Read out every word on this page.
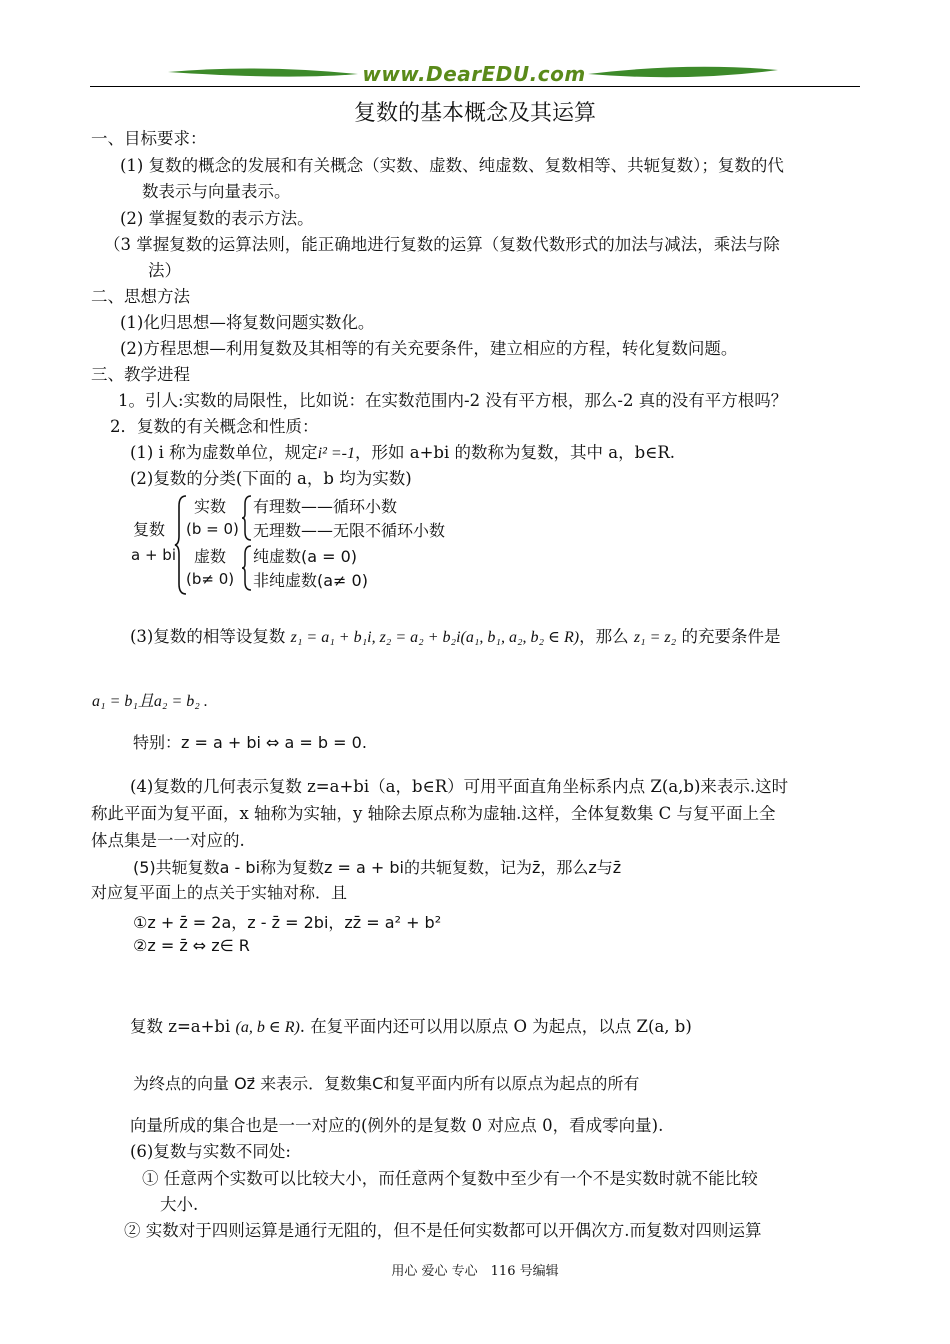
www.DearEDU.com
复数的基本概念及其运算
一、目标要求：
(1) 复数的概念的发展和有关概念（实数、虚数、纯虚数、复数相等、共轭复数）；复数的代
数表示与向量表示。
(2) 掌握复数的表示方法。
（3 掌握复数的运算法则，能正确地进行复数的运算（复数代数形式的加法与减法，乘法与除
法）
二、思想方法
(1)化归思想—将复数问题实数化。
(2)方程思想—利用复数及其相等的有关充要条件，建立相应的方程，转化复数问题。
三、教学进程
1。引人:实数的局限性，比如说：在实数范围内-2 没有平方根，那么-2 真的没有平方根吗？
2．复数的有关概念和性质：
(1) i 称为虚数单位，规定i² =-1，形如 a+bi 的数称为复数，其中 a，b∈R.
(2)复数的分类(下面的 a，b 均为实数)
复数
a + bi
实数
(b = 0)
虚数
(b≠ 0)
有理数——循环小数
无理数——无限不循环小数
纯虚数(a = 0)
非纯虚数(a≠ 0)
(3)复数的相等设复数 z₁ = a₁ + b₁i, z₂ = a₂ + b₂i(a₁, b₁, a₂, b₂ ∈ R)，那么 z₁ = z₂ 的充要条件是
a₁ = b₁且a₂ = b₂ .
特别：z = a + bi ⇔ a = b = 0.
(4)复数的几何表示复数 z=a+bi（a，b∈R）可用平面直角坐标系内点 Z(a,b)来表示.这时
称此平面为复平面，x 轴称为实轴，y 轴除去原点称为虚轴.这样，全体复数集 C 与复平面上全
体点集是一一对应的.
(5)共轭复数a - bi称为复数z = a + bi的共轭复数，记为z̄，那么z与z̄
对应复平面上的点关于实轴对称．且
①z + z̄ = 2a，z - z̄ = 2bi，zz̄ = a² + b²
②z = z̄ ⇔ z∈ R
复数 z=a+bi (a, b ∈ R). 在复平面内还可以用以原点 O 为起点，以点 Z(a, b)
为终点的向量 Oz⃗ 来表示．复数集C和复平面内所有以原点为起点的所有
向量所成的集合也是一一对应的(例外的是复数 0 对应点 0，看成零向量).
(6)复数与实数不同处:
① 任意两个实数可以比较大小，而任意两个复数中至少有一个不是实数时就不能比较
大小.
② 实数对于四则运算是通行无阻的，但不是任何实数都可以开偶次方.而复数对四则运算
用心 爱心 专心　116 号编辑
